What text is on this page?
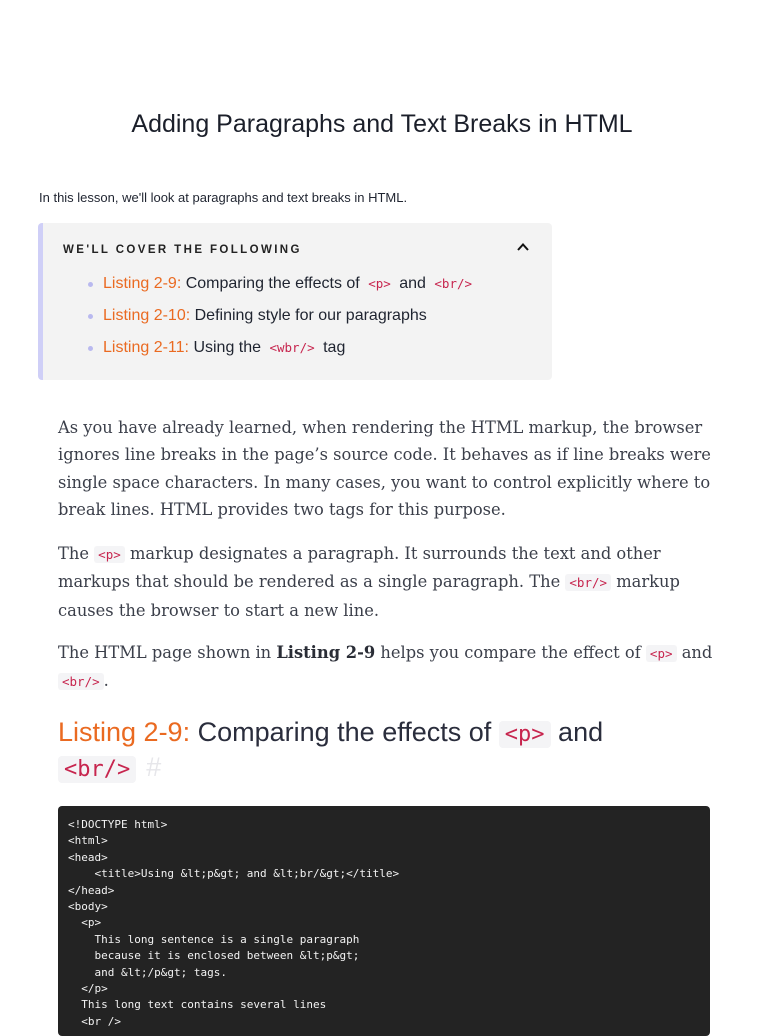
Adding Paragraphs and Text Breaks in HTML

In this lesson, we'll look at paragraphs and text breaks in HTML.

WE'LL COVER THE FOLLOWING
Listing 2-9: Comparing the effects of <p> and <br/>
Listing 2-10: Defining style for our paragraphs
Listing 2-11: Using the <wbr/> tag

As you have already learned, when rendering the HTML markup, the browser ignores line breaks in the page’s source code. It behaves as if line breaks were single space characters. In many cases, you want to control explicitly where to break lines. HTML provides two tags for this purpose.

The <p> markup designates a paragraph. It surrounds the text and other markups that should be rendered as a single paragraph. The <br/> markup causes the browser to start a new line.

The HTML page shown in Listing 2-9 helps you compare the effect of <p> and
<br/> .

Listing 2-9: Comparing the effects of <p> and
<br/> #
<!DOCTYPE html>
<html>
<head>
<title>Using &lt;p&gt; and &lt;br/&gt;</title>
</head>
<body>
<p>
This long sentence is a single paragraph
because it is enclosed between &lt;p&gt;
and &lt;/p&gt; tags.
</p>
This long text contains several lines
<br />
